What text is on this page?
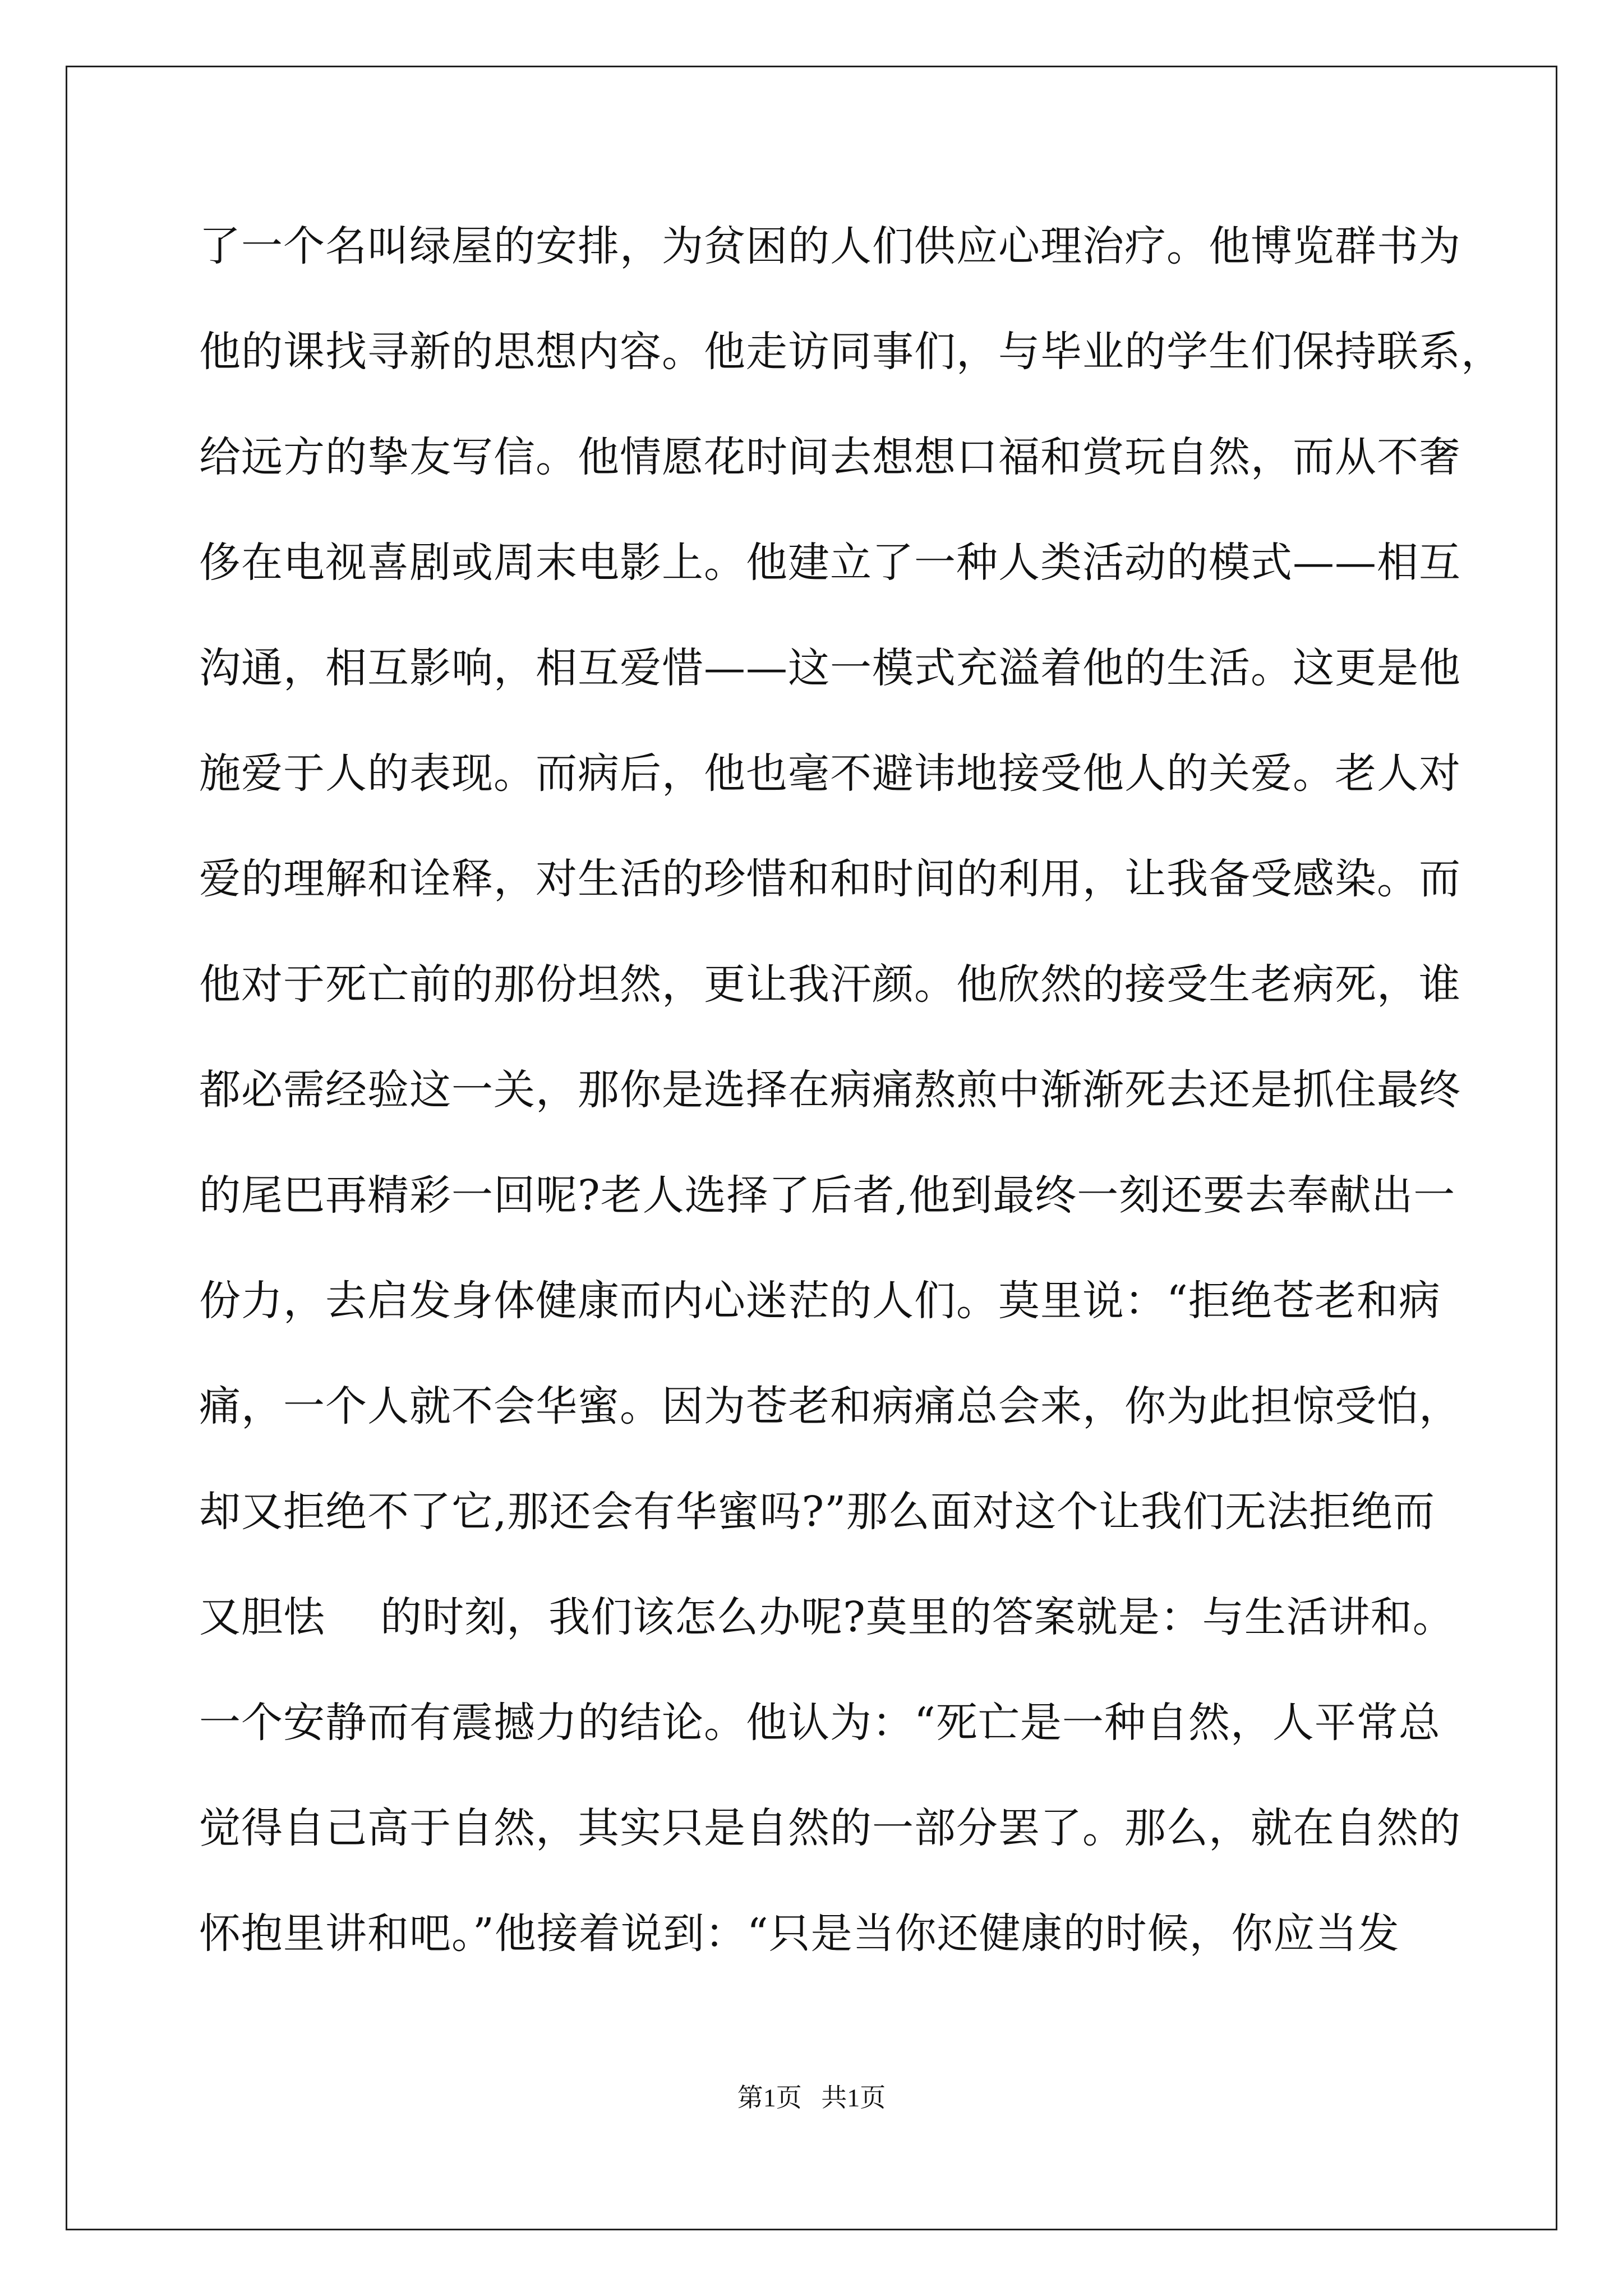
了一个名叫绿屋的安排，为贫困的人们供应心理治疗。他博览群书为
他的课找寻新的思想内容。他走访同事们，与毕业的学生们保持联系，
给远方的挚友写信。他情愿花时间去想想口福和赏玩自然，而从不奢
侈在电视喜剧或周末电影上。他建立了一种人类活动的模式——相互
沟通，相互影响，相互爱惜——这一模式充溢着他的生活。这更是他
施爱于人的表现。而病后，他也毫不避讳地接受他人的关爱。老人对
爱的理解和诠释，对生活的珍惜和和时间的利用，让我备受感染。而
他对于死亡前的那份坦然，更让我汗颜。他欣然的接受生老病死，谁
都必需经验这一关，那你是选择在病痛熬煎中渐渐死去还是抓住最终
的尾巴再精彩一回呢?老人选择了后者,他到最终一刻还要去奉献出一
份力，去启发身体健康而内心迷茫的人们。莫里说：“拒绝苍老和病
痛，一个人就不会华蜜。因为苍老和病痛总会来，你为此担惊受怕，
却又拒绝不了它,那还会有华蜜吗?”那么面对这个让我们无法拒绝而
又胆怯    的时刻，我们该怎么办呢?莫里的答案就是：与生活讲和。
一个安静而有震撼力的结论。他认为：“死亡是一种自然，人平常总
觉得自己高于自然，其实只是自然的一部分罢了。那么，就在自然的
怀抱里讲和吧。”他接着说到：“只是当你还健康的时候，你应当发
第1页   共1页
